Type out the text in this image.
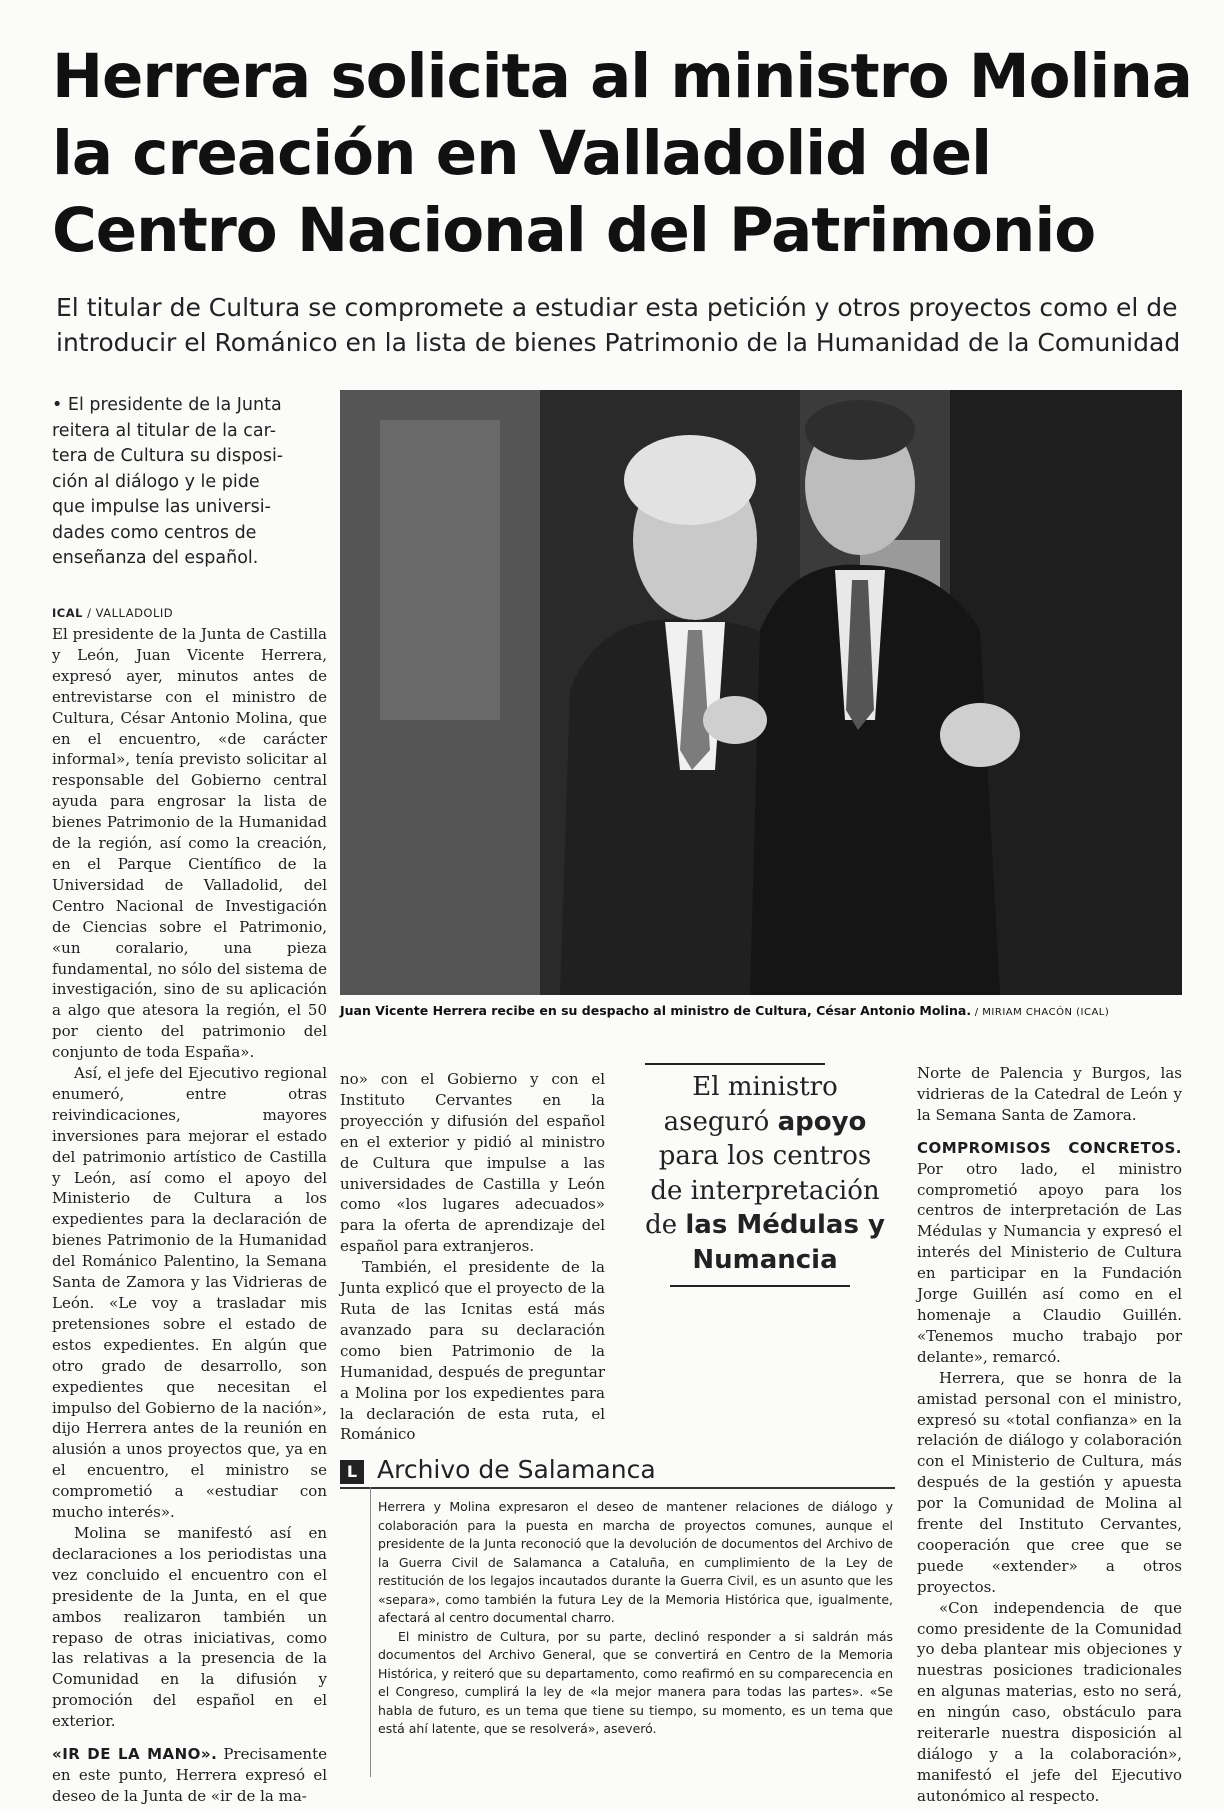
Herrera solicita al ministro Molina
la creación en Valladolid del
Centro Nacional del Patrimonio
El titular de Cultura se compromete a estudiar esta petición y otros proyectos como el de
introducir el Románico en la lista de bienes Patrimonio de la Humanidad de la Comunidad
• El presidente de la Junta
reitera al titular de la car-
tera de Cultura su disposi-
ción al diálogo y le pide
que impulse las universi-
dades como centros de
enseñanza del español.
Juan Vicente Herrera recibe en su despacho al ministro de Cultura, César Antonio Molina. / MIRIAM CHACÓN (ICAL)
ICAL / VALLADOLID

El presidente de la Junta de Castilla y León, Juan Vicente Herrera, expresó ayer, minutos antes de entrevistarse con el ministro de Cultura, César Antonio Molina, que en el encuentro, «de carácter informal», tenía previsto solicitar al responsable del Gobierno central ayuda para engrosar la lista de bienes Patrimonio de la Humanidad de la región, así como la creación, en el Parque Científico de la Universidad de Valladolid, del Centro Nacional de Investigación de Ciencias sobre el Patrimonio, «un coralario, una pieza fundamental, no sólo del sistema de investigación, sino de su aplicación a algo que atesora la región, el 50 por ciento del patrimonio del conjunto de toda España».

Así, el jefe del Ejecutivo regional enumeró, entre otras reivindicaciones, mayores inversiones para mejorar el estado del patrimonio artístico de Castilla y León, así como el apoyo del Ministerio de Cultura a los expedientes para la declaración de bienes Patrimonio de la Humanidad del Románico Palentino, la Semana Santa de Zamora y las Vidrieras de León. «Le voy a trasladar mis pretensiones sobre el estado de estos expedientes. En algún que otro grado de desarrollo, son expedientes que necesitan el impulso del Gobierno de la nación», dijo Herrera antes de la reunión en alusión a unos proyectos que, ya en el encuentro, el ministro se comprometió a «estudiar con mucho interés».

Molina se manifestó así en declaraciones a los periodistas una vez concluido el encuentro con el presidente de la Junta, en el que ambos realizaron también un repaso de otras iniciativas, como las relativas a la presencia de la Comunidad en la difusión y promoción del español en el exterior.

«IR DE LA MANO». Precisamente en este punto, Herrera expresó el deseo de la Junta de «ir de la ma-

no» con el Gobierno y con el Instituto Cervantes en la proyección y difusión del español en el exterior y pidió al ministro de Cultura que impulse a las universidades de Castilla y León como «los lugares adecuados» para la oferta de aprendizaje del español para extranjeros.

También, el presidente de la Junta explicó que el proyecto de la Ruta de las Icnitas está más avanzado para su declaración como bien Patrimonio de la Humanidad, después de preguntar a Molina por los expedientes para la declaración de esta ruta, el Románico

El ministro
aseguró apoyo
para los centros
de interpretación
de las Médulas y
Numancia
L Archivo de Salamanca

Herrera y Molina expresaron el deseo de mantener relaciones de diálogo y colaboración para la puesta en marcha de proyectos comunes, aunque el presidente de la Junta reconoció que la devolución de documentos del Archivo de la Guerra Civil de Salamanca a Cataluña, en cumplimiento de la Ley de restitución de los legajos incautados durante la Guerra Civil, es un asunto que les «separa», como también la futura Ley de la Memoria Histórica que, igualmente, afectará al centro documental charro.

El ministro de Cultura, por su parte, declinó responder a si saldrán más documentos del Archivo General, que se convertirá en Centro de la Memoria Histórica, y reiteró que su departamento, como reafirmó en su comparecencia en el Congreso, cumplirá la ley de «la mejor manera para todas las partes». «Se habla de futuro, es un tema que tiene su tiempo, su momento, es un tema que está ahí latente, que se resolverá», aseveró.

Norte de Palencia y Burgos, las vidrieras de la Catedral de León y la Semana Santa de Zamora.

COMPROMISOS CONCRETOS. Por otro lado, el ministro comprometió apoyo para los centros de interpretación de Las Médulas y Numancia y expresó el interés del Ministerio de Cultura en participar en la Fundación Jorge Guillén así como en el homenaje a Claudio Guillén. «Tenemos mucho trabajo por delante», remarcó.

Herrera, que se honra de la amistad personal con el ministro, expresó su «total confianza» en la relación de diálogo y colaboración con el Ministerio de Cultura, más después de la gestión y apuesta por la Comunidad de Molina al frente del Instituto Cervantes, cooperación que cree que se puede «extender» a otros proyectos.

«Con independencia de que como presidente de la Comunidad yo deba plantear mis objeciones y nuestras posiciones tradicionales en algunas materias, esto no será, en ningún caso, obstáculo para reiterarle nuestra disposición al diálogo y a la colaboración», manifestó el jefe del Ejecutivo autonómico al respecto.
